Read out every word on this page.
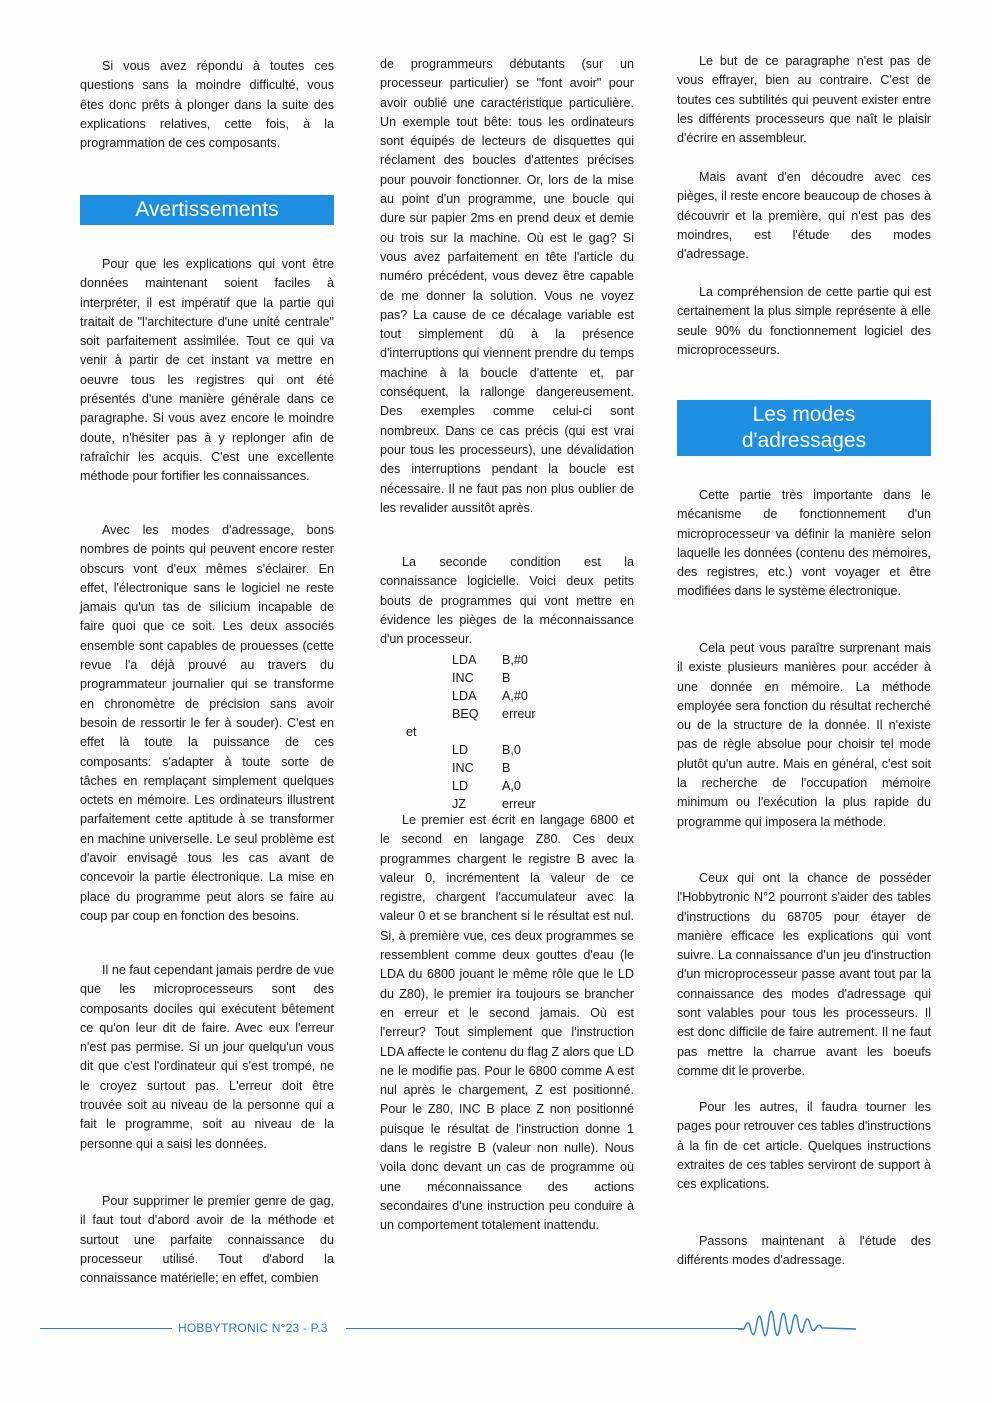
Si vous avez répondu à toutes ces questions sans la moindre difficulté, vous êtes donc prêts à plonger dans la suite des explications relatives, cette fois, à la programmation de ces composants.

Avertissements

Pour que les explications qui vont être données maintenant soient faciles à interpréter, il est impératif que la partie qui traitait de "l'architecture d'une unité centrale" soit parfaitement assimilée. Tout ce qui va venir à partir de cet instant va mettre en oeuvre tous les registres qui ont été présentés d'une manière générale dans ce paragraphe. Si vous avez encore le moindre doute, n'hésiter pas à y replonger afin de rafraîchir les acquis. C'est une excellente méthode pour fortifier les connaissances.

Avec les modes d'adressage, bons nombres de points qui peuvent encore rester obscurs vont d'eux mêmes s'éclairer. En effet, l'électronique sans le logiciel ne reste jamais qu'un tas de silicium incapable de faire quoi que ce soit. Les deux associés ensemble sont capables de prouesses (cette revue l'a déjà prouvé au travers du programmateur journalier qui se transforme en chronomètre de précision sans avoir besoin de ressortir le fer à souder). C'est en effet là toute la puissance de ces composants: s'adapter à toute sorte de tâches en remplaçant simplement quelques octets en mémoire. Les ordinateurs illustrent parfaitement cette aptitude à se transformer en machine universelle. Le seul problème est d'avoir envisagé tous les cas avant de concevoir la partie électronique. La mise en place du programme peut alors se faire au coup par coup en fonction des besoins.

Il ne faut cependant jamais perdre de vue que les microprocesseurs sont des composants dociles qui exécutent bêtement ce qu'on leur dit de faire. Avec eux l'erreur n'est pas permise. Si un jour quelqu'un vous dit que c'est l'ordinateur qui s'est trompé, ne le croyez surtout pas. L'erreur doit être trouvée soit au niveau de la personne qui a fait le programme, soit au niveau de la personne qui a saisi les données.

Pour supprimer le premier genre de gag, il faut tout d'abord avoir de la méthode et surtout une parfaite connaissance du processeur utilisé. Tout d'abord la connaissance matérielle; en effet, combien

de programmeurs débutants (sur un processeur particulier) se "font avoir" pour avoir oublié une caractéristique particulière. Un exemple tout bête: tous les ordinateurs sont équipés de lecteurs de disquettes qui réclament des boucles d'attentes précises pour pouvoir fonctionner. Or, lors de la mise au point d'un programme, une boucle qui dure sur papier 2ms en prend deux et demie ou trois sur la machine. Où est le gag? Si vous avez parfaitement en tête l'article du numéro précédent, vous devez être capable de me donner la solution. Vous ne voyez pas? La cause de ce décalage variable est tout simplement dû à la présence d'interruptions qui viennent prendre du temps machine à la boucle d'attente et, par conséquent, la rallonge dangereusement. Des exemples comme celui-ci sont nombreux. Dans ce cas précis (qui est vrai pour tous les processeurs), une dévalidation des interruptions pendant la boucle est nécessaire. Il ne faut pas non plus oublier de les revalider aussitôt après.

La seconde condition est la connaissance logicielle. Voici deux petits bouts de programmes qui vont mettre en évidence les pièges de la méconnaissance d'un processeur.

LDA B,#0
INC B
LDA A,#0
BEQ erreur
et
LD	B,0
INC B
LD	A,0
JZ	erreur

Le premier est écrit en langage 6800 et le second en langage Z80. Ces deux programmes chargent le registre B avec la valeur 0, incrémentent la valeur de ce registre, chargent l'accumulateur avec la valeur 0 et se branchent si le résultat est nul. Si, à première vue, ces deux programmes se ressemblent comme deux gouttes d'eau (le LDA du 6800 jouant le même rôle que le LD du Z80), le premier ira toujours se brancher en erreur et le second jamais. Où est l'erreur? Tout simplement que l'instruction LDA affecte le contenu du flag Z alors que LD ne le modifie pas. Pour le 6800 comme A est nul après le chargement, Z est positionné. Pour le Z80, INC B place Z non positionné puisque le résultat de l'instruction donne 1 dans le registre B (valeur non nulle). Nous voila donc devant un cas de programme où une méconnaissance des actions secondaires d'une instruction peu conduire à un comportement totalement inattendu.

Le but de ce paragraphe n'est pas de vous effrayer, bien au contraire. C'est de toutes ces subtilités qui peuvent exister entre les différents processeurs que naît le plaisir d'écrire en assembleur.

Mais avant d'en découdre avec ces pièges, il reste encore beaucoup de choses à découvrir et la première, qui n'est pas des moindres, est l'étude des modes d'adressage.

La compréhension de cette partie qui est certainement la plus simple représente à elle seule 90% du fonctionnement logiciel des microprocesseurs.

Les modes
d'adressages

Cette partie très importante dans le mécanisme de fonctionnement d'un microprocesseur va définir la manière selon laquelle les données (contenu des mémoires, des registres, etc.) vont voyager et être modifiées dans le système électronique.

Cela peut vous paraître surprenant mais il existe plusieurs manières pour accéder à une donnée en mémoire. La méthode employée sera fonction du résultat recherché ou de la structure de la donnée. Il n'existe pas de règle absolue pour choisir tel mode plutôt qu'un autre. Mais en général, c'est soit la recherche de l'occupation mémoire minimum ou l'exécution la plus rapide du programme qui imposera la méthode.

Ceux qui ont la chance de posséder l'Hobbytronic N°2 pourront s'aider des tables d'instructions du 68705 pour étayer de manière efficace les explications qui vont suivre. La connaissance d'un jeu d'instruction d'un microprocesseur passe avant tout par la connaissance des modes d'adressage qui sont valables pour tous les processeurs. Il est donc difficile de faire autrement. Il ne faut pas mettre la charrue avant les boeufs comme dit le proverbe.

Pour les autres, il faudra tourner les pages pour retrouver ces tables d'instructions à la fin de cet article. Quelques instructions extraites de ces tables serviront de support à ces explications.

Passons maintenant à l'étude des différents modes d'adressage.

HOBBYTRONIC N°23 - P.3
